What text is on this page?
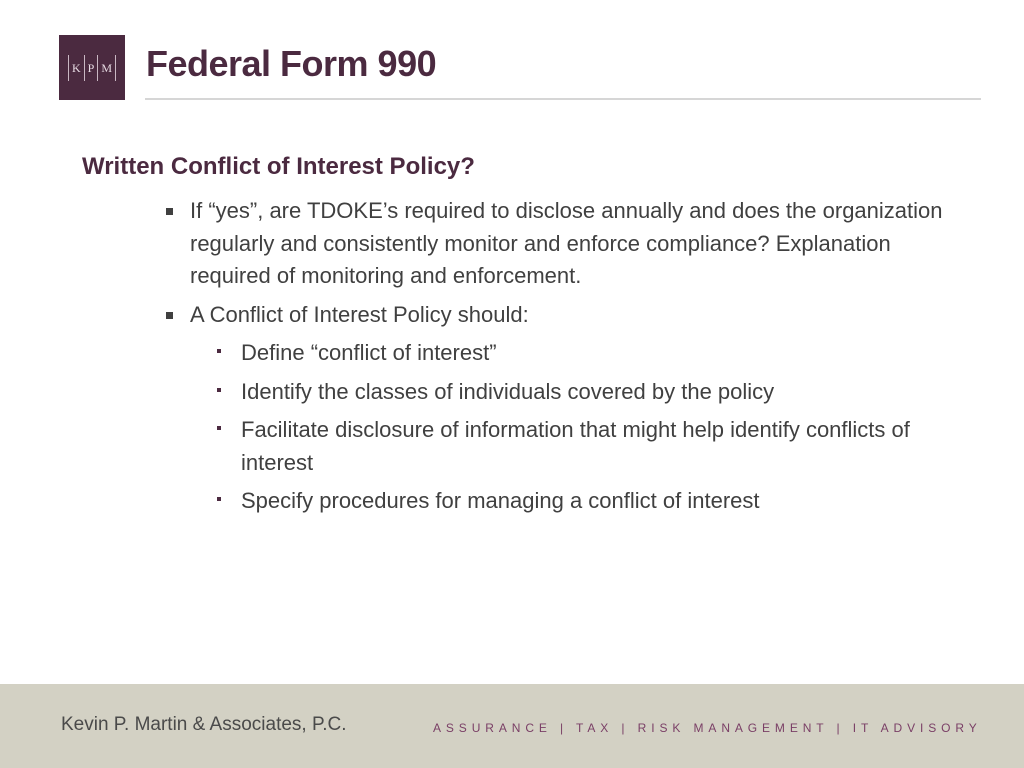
K P M Federal Form 990
Written Conflict of Interest Policy?
If “yes”, are TDOKE’s required to disclose annually and does the organization regularly and consistently monitor and enforce compliance? Explanation required of monitoring and enforcement.
A Conflict of Interest Policy should:
Define “conflict of interest”
Identify the classes of individuals covered by the policy
Facilitate disclosure of information that might help identify conflicts of interest
Specify procedures for managing a conflict of interest
Kevin P. Martin & Associates, P.C.	ASSURANCE | TAX | RISK MANAGEMENT | IT ADVISORY
